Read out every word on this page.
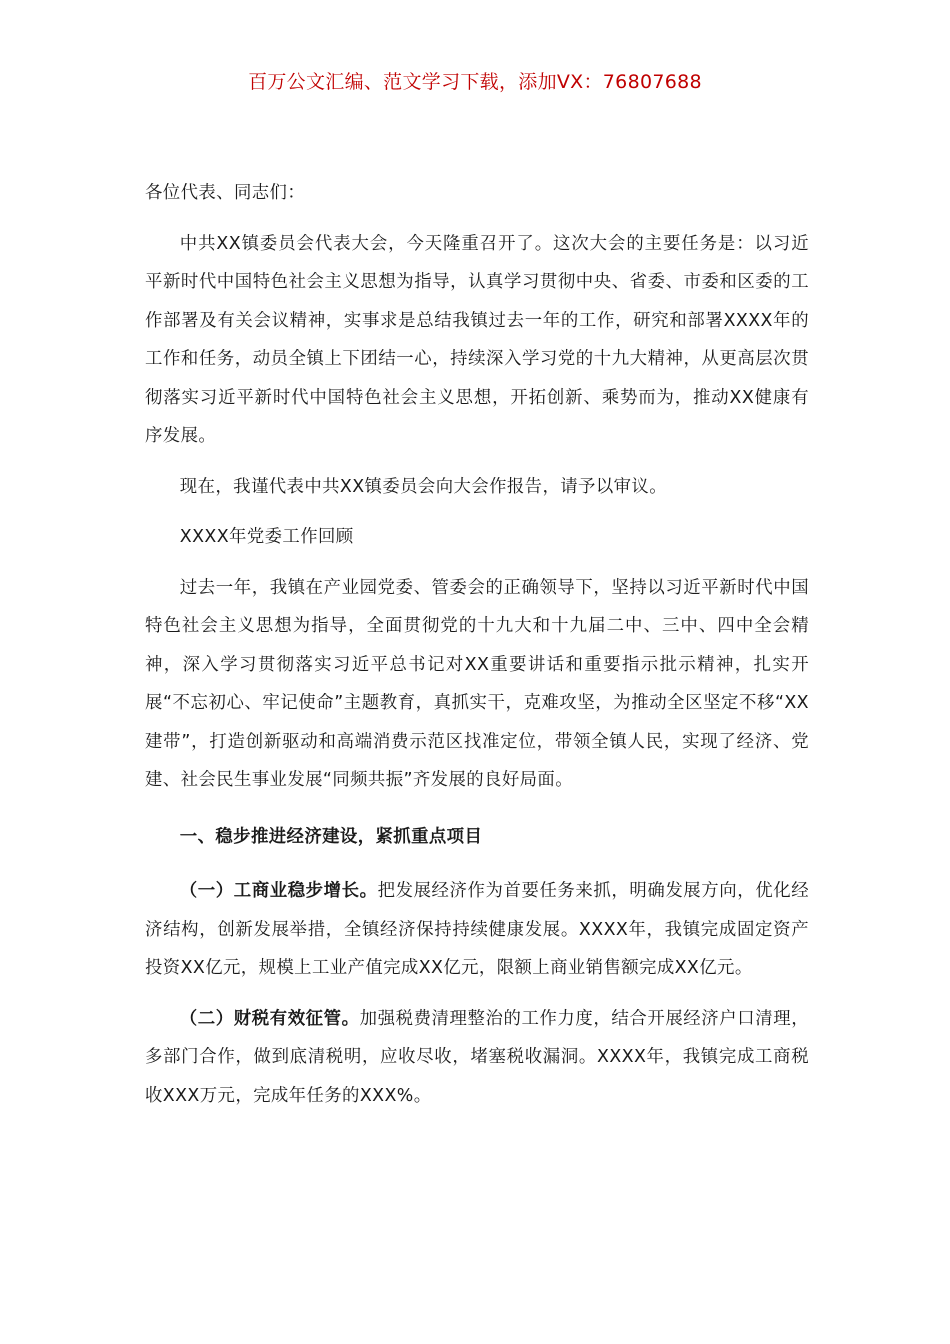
百万公文汇编、范文学习下载，添加VX：76807688

各位代表、同志们：

中共XX镇委员会代表大会，今天隆重召开了。这次大会的主要任务是：以习近平新时代中国特色社会主义思想为指导，认真学习贯彻中央、省委、市委和区委的工作部署及有关会议精神，实事求是总结我镇过去一年的工作，研究和部署XXXX年的工作和任务，动员全镇上下团结一心，持续深入学习党的十九大精神，从更高层次贯彻落实习近平新时代中国特色社会主义思想，开拓创新、乘势而为，推动XX健康有序发展。

现在，我谨代表中共XX镇委员会向大会作报告，请予以审议。

XXXX年党委工作回顾

过去一年，我镇在产业园党委、管委会的正确领导下，坚持以习近平新时代中国特色社会主义思想为指导，全面贯彻党的十九大和十九届二中、三中、四中全会精神，深入学习贯彻落实习近平总书记对XX重要讲话和重要指示批示精神，扎实开展“不忘初心、牢记使命”主题教育，真抓实干，克难攻坚，为推动全区坚定不移“XX建带”，打造创新驱动和高端消费示范区找准定位，带领全镇人民，实现了经济、党建、社会民生事业发展“同频共振”齐发展的良好局面。

一、稳步推进经济建设，紧抓重点项目

（一）工商业稳步增长。把发展经济作为首要任务来抓，明确发展方向，优化经济结构，创新发展举措，全镇经济保持持续健康发展。XXXX年，我镇完成固定资产投资XX亿元，规模上工业产值完成XX亿元，限额上商业销售额完成XX亿元。

（二）财税有效征管。加强税费清理整治的工作力度，结合开展经济户口清理，多部门合作，做到底清税明，应收尽收，堵塞税收漏洞。XXXX年，我镇完成工商税收XXX万元，完成年任务的XXX%。
